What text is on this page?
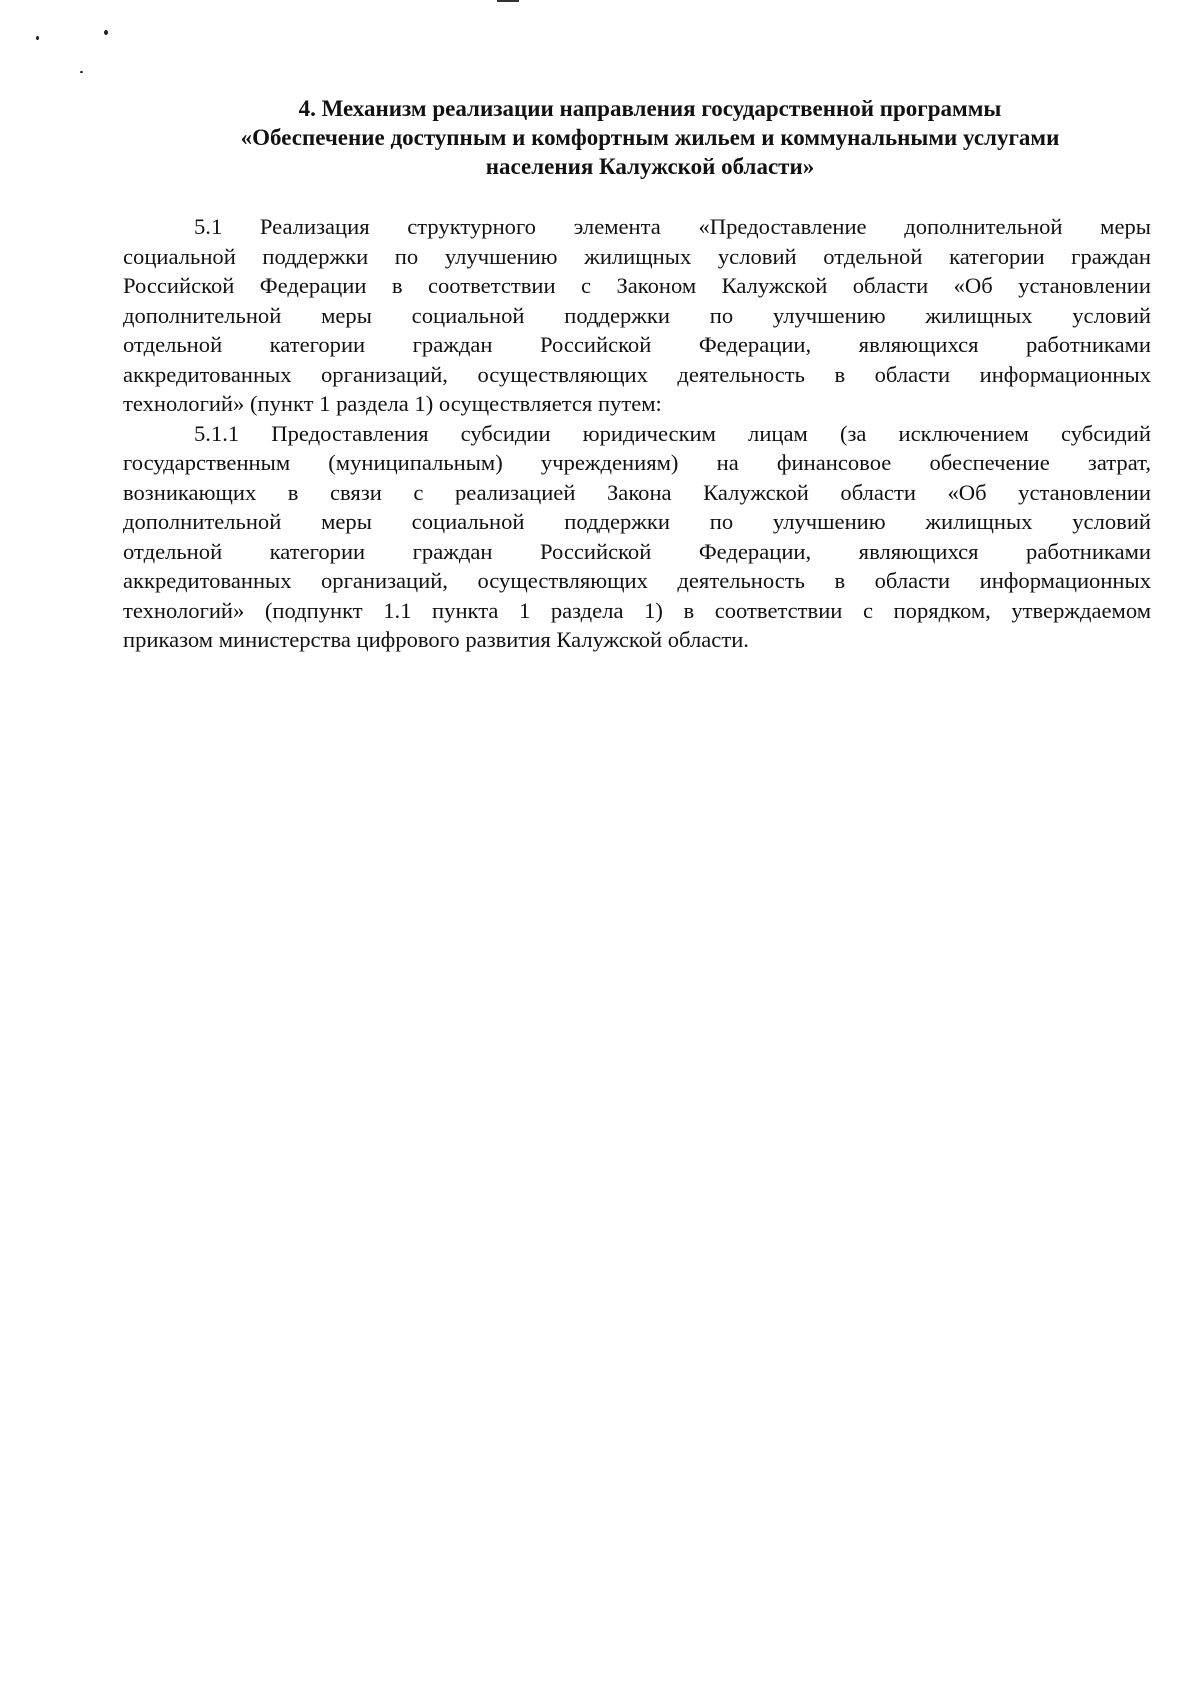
4. Механизм реализации направления государственной программы
«Обеспечение доступным и комфортным жильем и коммунальными услугами
населения Калужской области»
5.1 Реализация структурного элемента «Предоставление дополнительной меры
социальной поддержки по улучшению жилищных условий отдельной категории граждан
Российской Федерации в соответствии с Законом Калужской области «Об установлении
дополнительной меры социальной поддержки по улучшению жилищных условий
отдельной категории граждан Российской Федерации, являющихся работниками
аккредитованных организаций, осуществляющих деятельность в области информационных
технологий» (пункт 1 раздела 1) осуществляется путем:
5.1.1 Предоставления субсидии юридическим лицам (за исключением субсидий
государственным (муниципальным) учреждениям) на финансовое обеспечение затрат,
возникающих в связи с реализацией Закона Калужской области «Об установлении
дополнительной меры социальной поддержки по улучшению жилищных условий
отдельной категории граждан Российской Федерации, являющихся работниками
аккредитованных организаций, осуществляющих деятельность в области информационных
технологий» (подпункт 1.1 пункта 1 раздела 1) в соответствии с порядком, утверждаемом
приказом министерства цифрового развития Калужской области.
